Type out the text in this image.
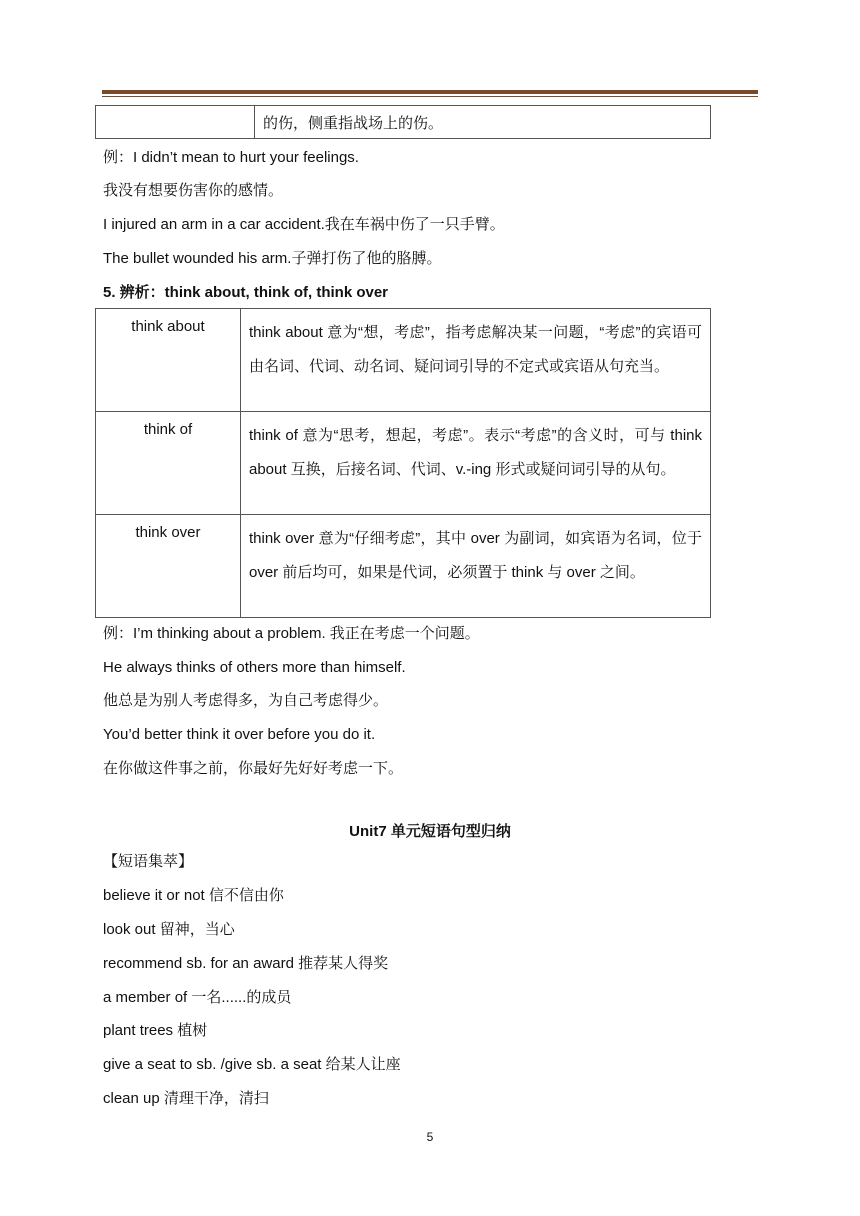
	的伤，侧重指战场上的伤。
例：I didn’t mean to hurt your feelings.
我没有想要伤害你的感情。
I injured an arm in a car accident.我在车祸中伤了一只手臂。
The bullet wounded his arm.子弹打伤了他的胳膊。
5. 辨析：think about, think of, think over
think about	think about 意为“想，考虑”，指考虑解决某一问题，“考虑”的宾语可由名词、代词、动名词、疑问词引导的不定式或宾语从句充当。
think of	think of 意为“思考，想起，考虑”。表示“考虑”的含义时，可与 think about 互换，后接名词、代词、v.-ing 形式或疑问词引导的从句。
think over	think over 意为“仔细考虑”，其中 over 为副词，如宾语为名词，位于 over 前后均可，如果是代词，必须置于 think 与 over 之间。
例：I’m thinking about a problem. 我正在考虑一个问题。
He always thinks of others more than himself.
他总是为别人考虑得多，为自己考虑得少。
You’d better think it over before you do it.
在你做这件事之前，你最好先好好考虑一下。
Unit7 单元短语句型归纳
【短语集萃】
believe it or not 信不信由你
look out 留神，当心
recommend sb. for an award 推荐某人得奖
a member of 一名......的成员
plant trees 植树
give a seat to sb. /give sb. a seat 给某人让座
clean up 清理干净，清扫
5
